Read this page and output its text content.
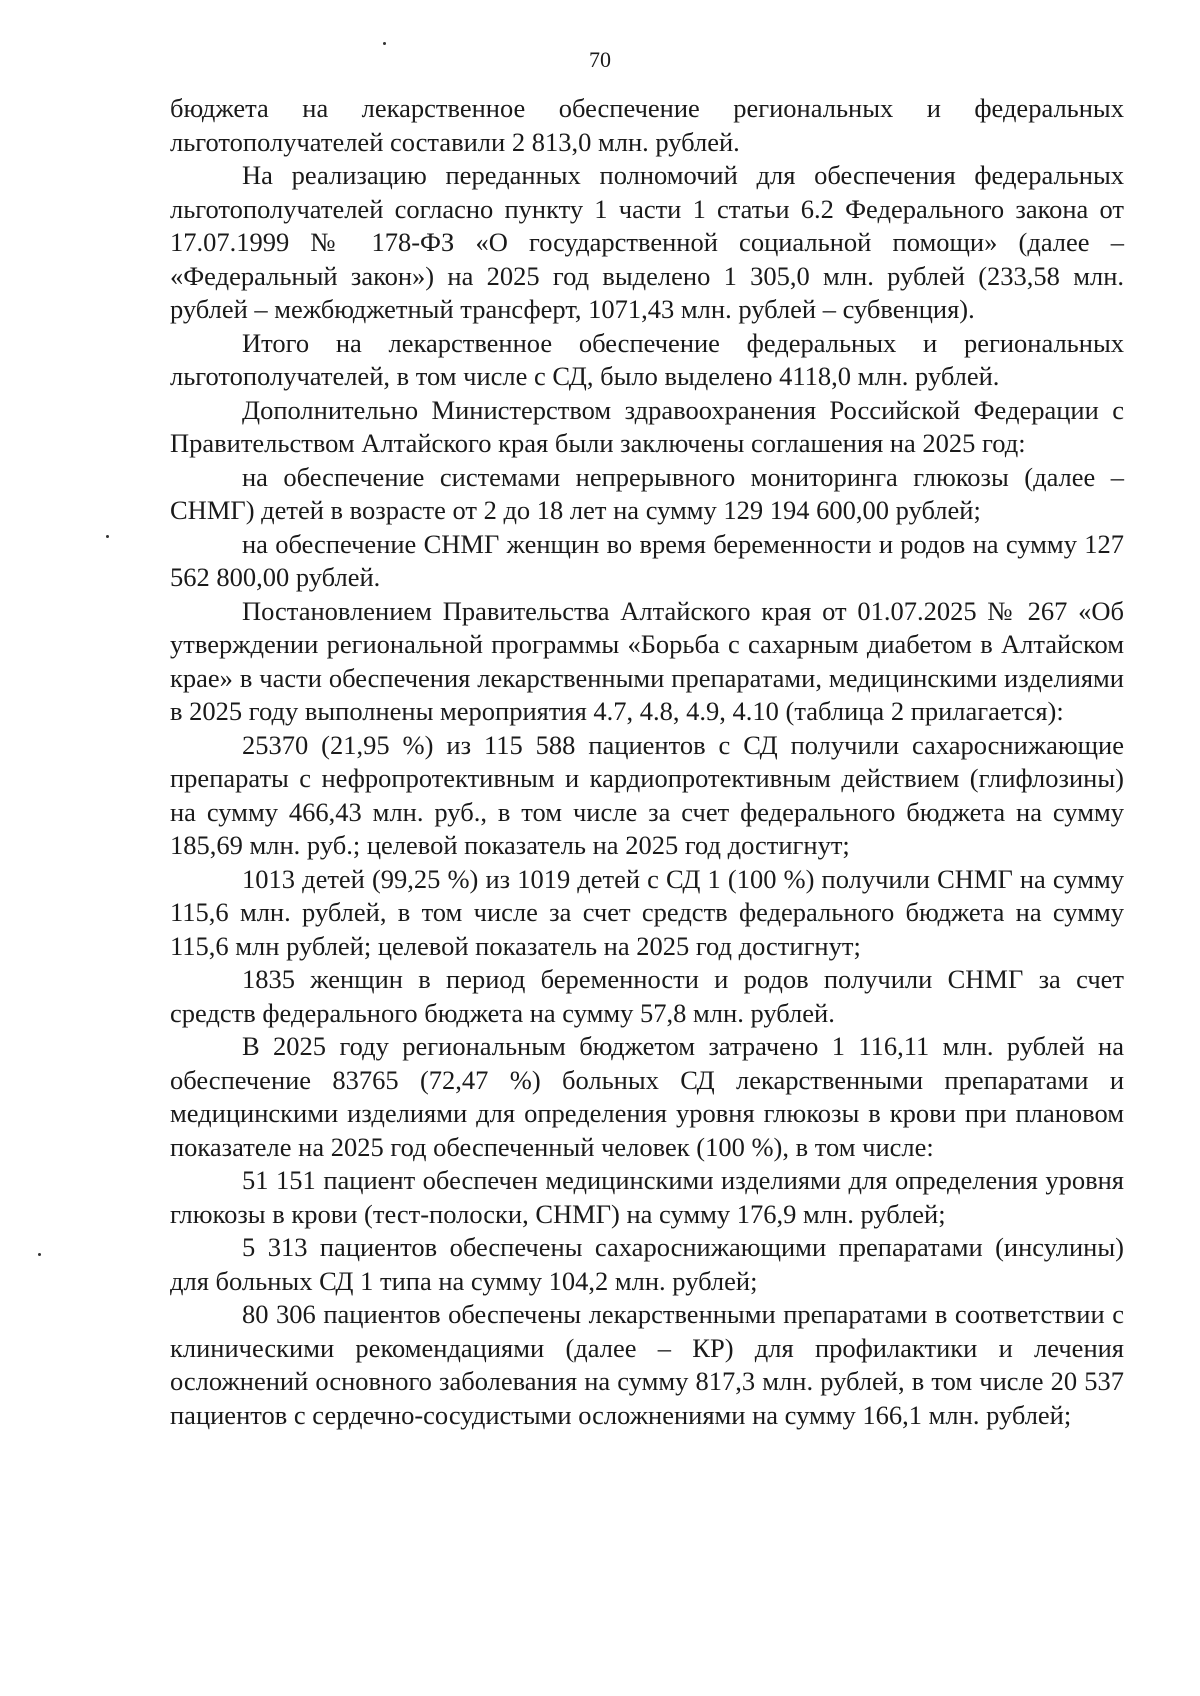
70

бюджета на лекарственное обеспечение региональных и федеральных льготополучателей составили 2 813,0 млн. рублей.

На реализацию переданных полномочий для обеспечения федеральных льготополучателей согласно пункту 1 части 1 статьи 6.2 Федерального закона от 17.07.1999 № 178-ФЗ «О государственной социальной помощи» (далее – «Федеральный закон») на 2025 год выделено 1 305,0 млн. рублей (233,58 млн. рублей – межбюджетный трансферт, 1071,43 млн. рублей – субвенция).

Итого на лекарственное обеспечение федеральных и региональных льготополучателей, в том числе с СД, было выделено 4118,0 млн. рублей.

Дополнительно Министерством здравоохранения Российской Федерации с Правительством Алтайского края были заключены соглашения на 2025 год:

на обеспечение системами непрерывного мониторинга глюкозы (далее – СНМГ) детей в возрасте от 2 до 18 лет на сумму 129 194 600,00 рублей;

на обеспечение СНМГ женщин во время беременности и родов на сумму 127 562 800,00 рублей.

Постановлением Правительства Алтайского края от 01.07.2025 № 267 «Об утверждении региональной программы «Борьба с сахарным диабетом в Алтайском крае» в части обеспечения лекарственными препаратами, медицинскими изделиями в 2025 году выполнены мероприятия 4.7, 4.8, 4.9, 4.10 (таблица 2 прилагается):

25370 (21,95 %) из 115 588 пациентов с СД получили сахароснижающие препараты с нефропротективным и кардиопротективным действием (глифлозины) на сумму 466,43 млн. руб., в том числе за счет федерального бюджета на сумму 185,69 млн. руб.; целевой показатель на 2025 год достигнут;

1013 детей (99,25 %) из 1019 детей с СД 1 (100 %) получили СНМГ на сумму 115,6 млн. рублей, в том числе за счет средств федерального бюджета на сумму 115,6 млн рублей; целевой показатель на 2025 год достигнут;

1835 женщин в период беременности и родов получили СНМГ за счет средств федерального бюджета на сумму 57,8 млн. рублей.

В 2025 году региональным бюджетом затрачено 1 116,11 млн. рублей на обеспечение 83765 (72,47 %) больных СД лекарственными препаратами и медицинскими изделиями для определения уровня глюкозы в крови при плановом показателе на 2025 год обеспеченный человек (100 %), в том числе:

51 151 пациент обеспечен медицинскими изделиями для определения уровня глюкозы в крови (тест-полоски, СНМГ) на сумму 176,9 млн. рублей;

5 313 пациентов обеспечены сахароснижающими препаратами (инсулины) для больных СД 1 типа на сумму 104,2 млн. рублей;

80 306 пациентов обеспечены лекарственными препаратами в соответствии с клиническими рекомендациями (далее – КР) для профилактики и лечения осложнений основного заболевания на сумму 817,3 млн. рублей, в том числе 20 537 пациентов с сердечно-сосудистыми осложнениями на сумму 166,1 млн. рублей;
